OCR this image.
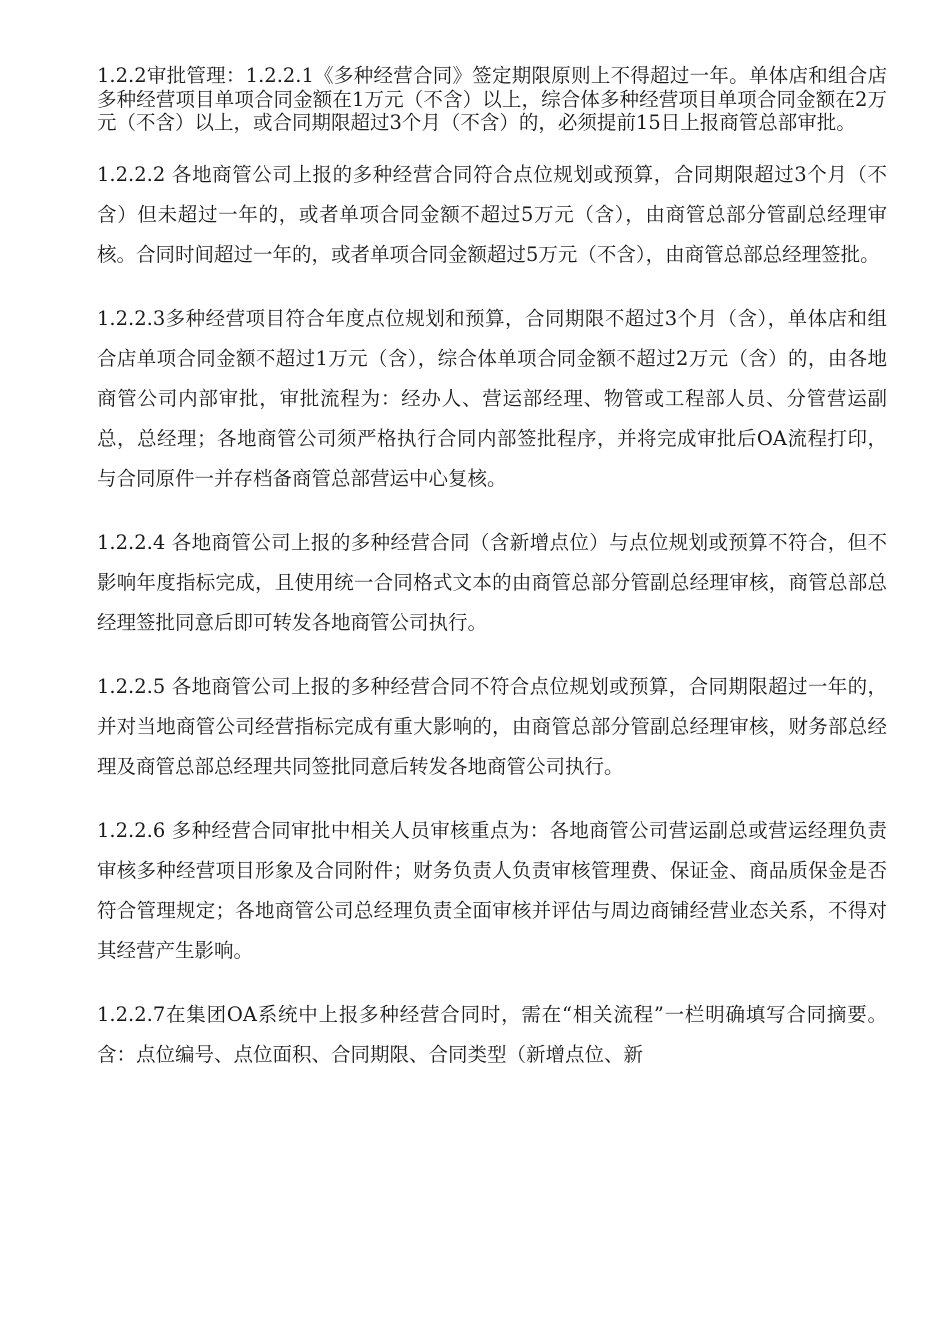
1.2.2审批管理：1.2.2.1《多种经营合同》签定期限原则上不得超过一年。单体店和组合店多种经营项目单项合同金额在1万元（不含）以上，综合体多种经营项目单项合同金额在2万元（不含）以上，或合同期限超过3个月（不含）的，必须提前15日上报商管总部审批。

1.2.2.2 各地商管公司上报的多种经营合同符合点位规划或预算，合同期限超过3个月（不含）但未超过一年的，或者单项合同金额不超过5万元（含），由商管总部分管副总经理审核。合同时间超过一年的，或者单项合同金额超过5万元（不含），由商管总部总经理签批。

1.2.2.3多种经营项目符合年度点位规划和预算，合同期限不超过3个月（含），单体店和组合店单项合同金额不超过1万元（含），综合体单项合同金额不超过2万元（含）的，由各地商管公司内部审批，审批流程为：经办人、营运部经理、物管或工程部人员、分管营运副总，总经理；各地商管公司须严格执行合同内部签批程序，并将完成审批后OA流程打印，与合同原件一并存档备商管总部营运中心复核。

1.2.2.4 各地商管公司上报的多种经营合同（含新增点位）与点位规划或预算不符合，但不影响年度指标完成，且使用统一合同格式文本的由商管总部分管副总经理审核，商管总部总经理签批同意后即可转发各地商管公司执行。

1.2.2.5 各地商管公司上报的多种经营合同不符合点位规划或预算，合同期限超过一年的，并对当地商管公司经营指标完成有重大影响的，由商管总部分管副总经理审核，财务部总经理及商管总部总经理共同签批同意后转发各地商管公司执行。

1.2.2.6 多种经营合同审批中相关人员审核重点为：各地商管公司营运副总或营运经理负责审核多种经营项目形象及合同附件；财务负责人负责审核管理费、保证金、商品质保金是否符合管理规定；各地商管公司总经理负责全面审核并评估与周边商铺经营业态关系，不得对其经营产生影响。

1.2.2.7在集团OA系统中上报多种经营合同时，需在“相关流程”一栏明确填写合同摘要。含：点位编号、点位面积、合同期限、合同类型（新增点位、新
